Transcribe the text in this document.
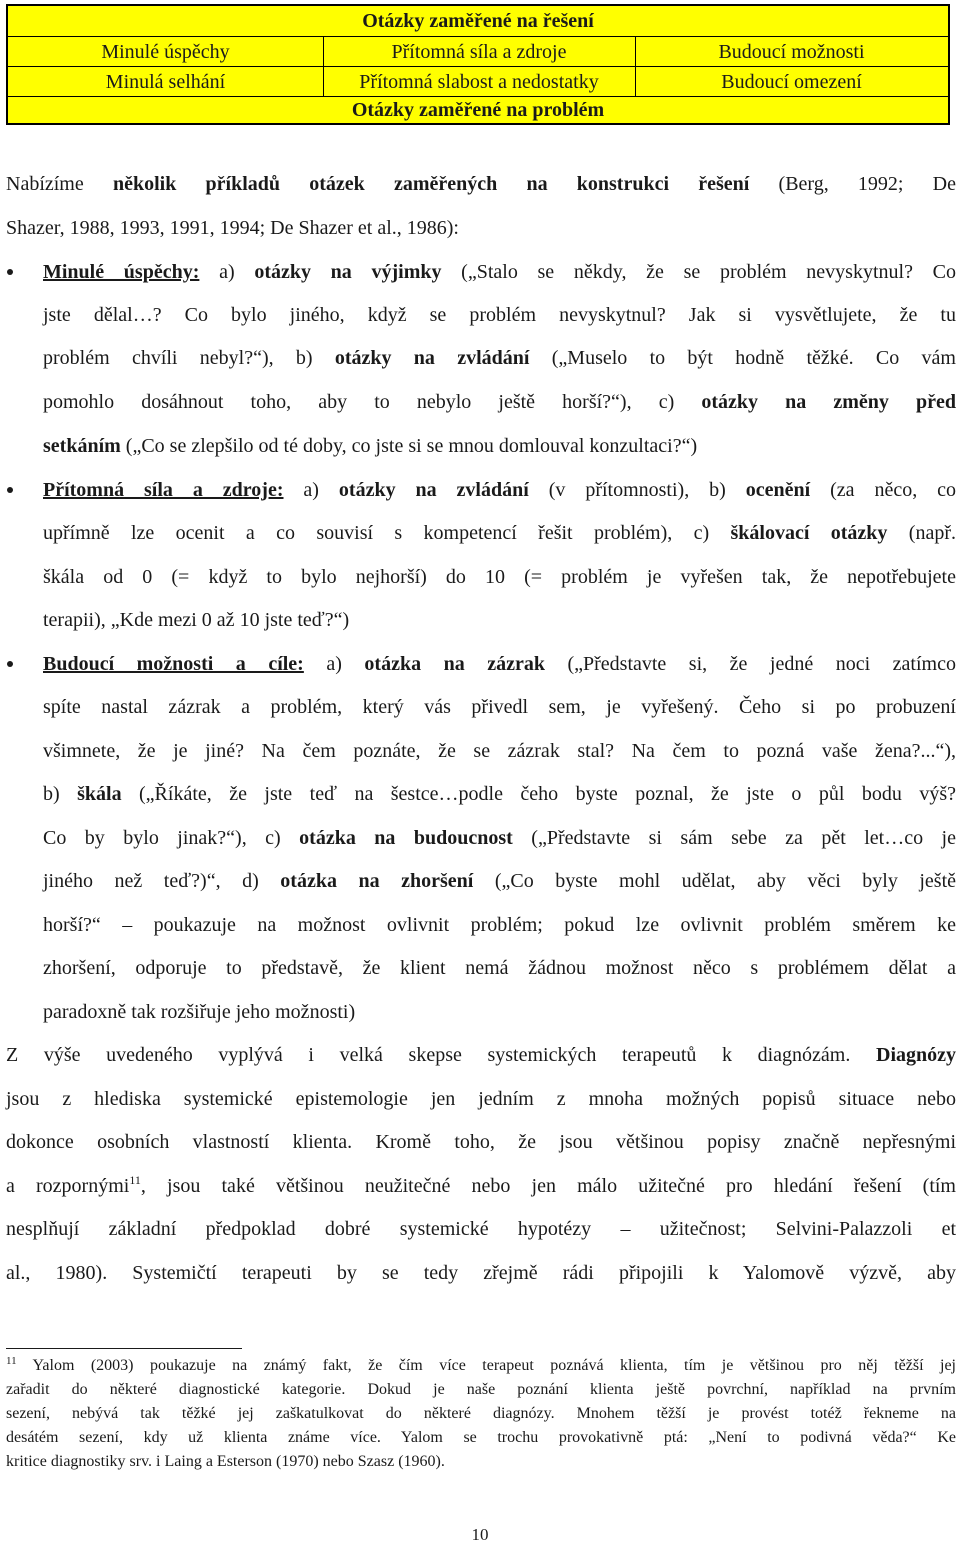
Otázky zaměřené na řešení
Minulé úspěchy	Přítomná síla a zdroje	Budoucí možnosti
Minulá selhání	Přítomná slabost a nedostatky	Budoucí omezení
Otázky zaměřené na problém
Nabízíme několik příkladů otázek zaměřených na konstrukci řešení (Berg, 1992; De
Shazer, 1988, 1993, 1991, 1994; De Shazer et al., 1986):
Minulé úspěchy: a) otázky na výjimky („Stalo se někdy, že se problém nevyskytnul? Co
jste dělal…? Co bylo jiného, když se problém nevyskytnul? Jak si vysvětlujete, že tu
problém chvíli nebyl?“), b) otázky na zvládání („Muselo to být hodně těžké. Co vám
pomohlo dosáhnout toho, aby to nebylo ještě horší?“), c) otázky na změny před
setkáním („Co se zlepšilo od té doby, co jste si se mnou domlouval konzultaci?“)
Přítomná síla a zdroje: a) otázky na zvládání (v přítomnosti), b) ocenění (za něco, co
upřímně lze ocenit a co souvisí s kompetencí řešit problém), c) škálovací otázky (např.
škála od 0 (= když to bylo nejhorší) do 10 (= problém je vyřešen tak, že nepotřebujete
terapii), „Kde mezi 0 až 10 jste teď?“)
Budoucí možnosti a cíle: a) otázka na zázrak („Představte si, že jedné noci zatímco
spíte nastal zázrak a problém, který vás přivedl sem, je vyřešený. Čeho si po probuzení
všimnete, že je jiné? Na čem poznáte, že se zázrak stal? Na čem to pozná vaše žena?...“),
b) škála („Říkáte, že jste teď na šestce…podle čeho byste poznal, že jste o půl bodu výš?
Co by bylo jinak?“), c) otázka na budoucnost („Představte si sám sebe za pět let…co je
jiného než teď?)“, d) otázka na zhoršení („Co byste mohl udělat, aby věci byly ještě
horší?“ – poukazuje na možnost ovlivnit problém; pokud lze ovlivnit problém směrem ke
zhoršení, odporuje to představě, že klient nemá žádnou možnost něco s problémem dělat a
paradoxně tak rozšiřuje jeho možnosti)
Z výše uvedeného vyplývá i velká skepse systemických terapeutů k diagnózám. Diagnózy
jsou z hlediska systemické epistemologie jen jedním z mnoha možných popisů situace nebo
dokonce osobních vlastností klienta. Kromě toho, že jsou většinou popisy značně nepřesnými
a rozpornými$^{11}$, jsou také většinou neužitečné nebo jen málo užitečné pro hledání řešení (tím
nesplňují základní předpoklad dobré systemické hypotézy – užitečnost; Selvini-Palazzoli et
al., 1980). Systemičtí terapeuti by se tedy zřejmě rádi připojili k Yalomově výzvě, aby
$^{11}$ Yalom (2003) poukazuje na známý fakt, že čím více terapeut poznává klienta, tím je většinou pro něj těžší jej
zařadit do některé diagnostické kategorie. Dokud je naše poznání klienta ještě povrchní, například na prvním
sezení, nebývá tak těžké jej zaškatulkovat do některé diagnózy. Mnohem těžší je provést totéž řekneme na
desátém sezení, kdy už klienta známe více. Yalom se trochu provokativně ptá: „Není to podivná věda?“ Ke
kritice diagnostiky srv. i Laing a Esterson (1970) nebo Szasz (1960).
10
